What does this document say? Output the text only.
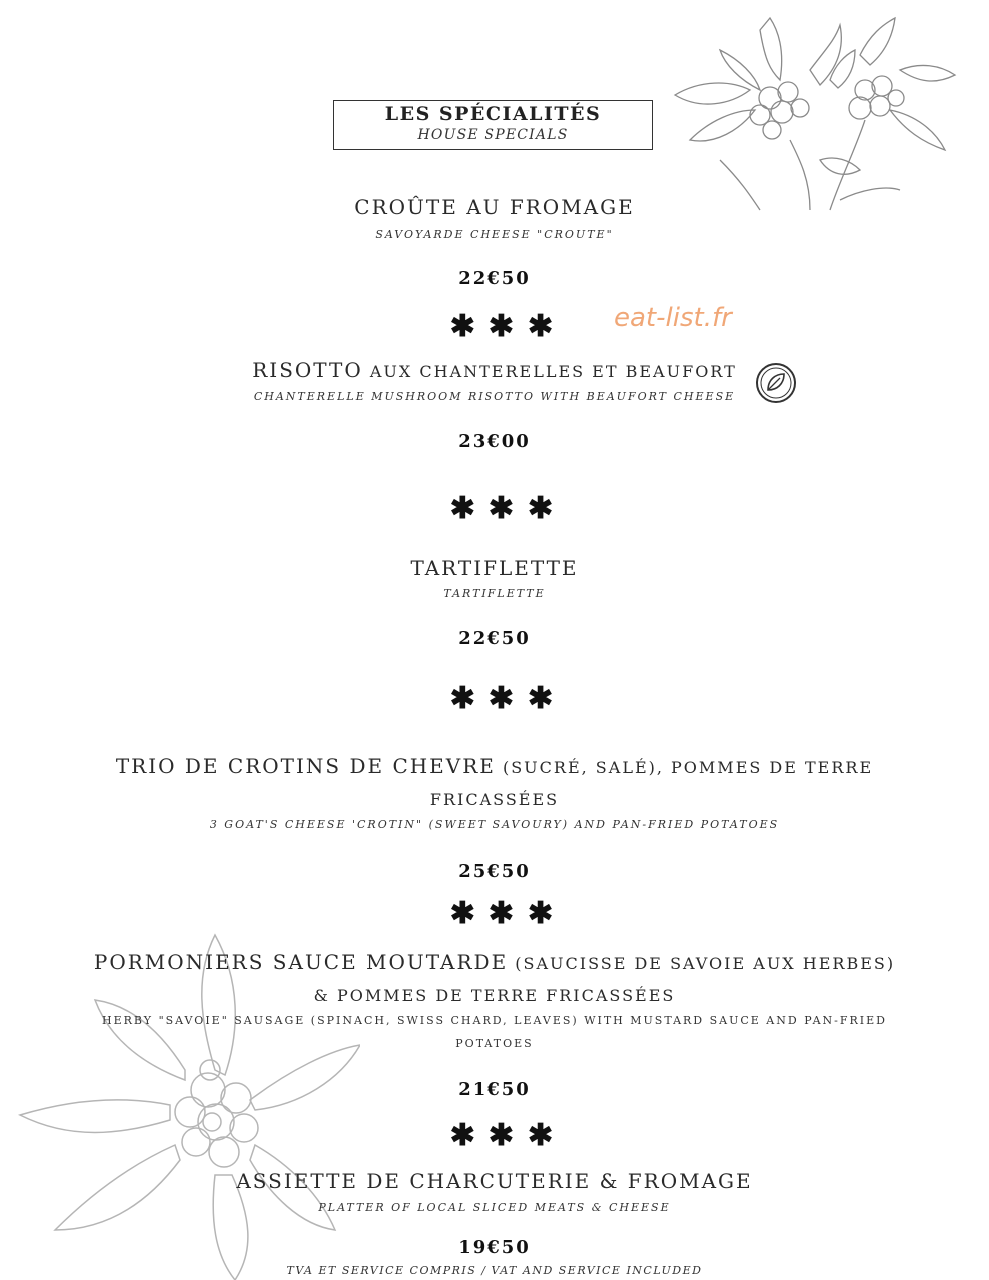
LES SPÉCIALITÉS
HOUSE SPECIALS
eat-list.fr
CROÛTE AU FROMAGE
SAVOYARDE CHEESE "CROUTE"
22€50
✱✱✱
RISOTTO AUX CHANTERELLES ET BEAUFORT
CHANTERELLE MUSHROOM RISOTTO WITH BEAUFORT CHEESE
23€00
✱✱✱
TARTIFLETTE
TARTIFLETTE
22€50
✱✱✱
TRIO DE CROTINS DE CHEVRE (SUCRÉ, SALÉ), POMMES DE TERRE
FRICASSÉES
3 GOAT'S CHEESE 'CROTIN" (SWEET SAVOURY) AND PAN-FRIED POTATOES
25€50
✱✱✱
PORMONIERS SAUCE MOUTARDE (SAUCISSE DE SAVOIE AUX HERBES)
& POMMES DE TERRE FRICASSÉES
HERBY "SAVOIE" SAUSAGE (SPINACH, SWISS CHARD, LEAVES) WITH MUSTARD SAUCE AND PAN-FRIED
POTATOES
21€50
✱✱✱
ASSIETTE DE CHARCUTERIE & FROMAGE
PLATTER OF LOCAL SLICED MEATS & CHEESE
19€50
TVA ET SERVICE COMPRIS / VAT AND SERVICE INCLUDED
